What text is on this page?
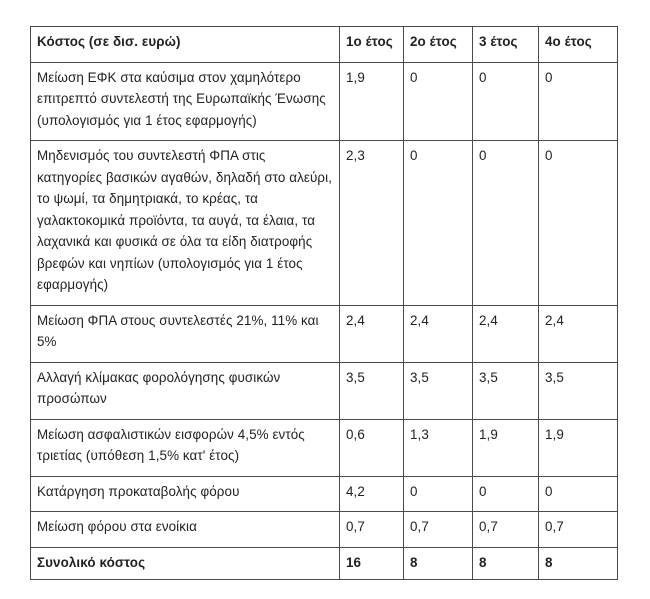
Κόστος (σε δισ. ευρώ)	1ο έτος	2ο έτος	3 έτος	4ο έτος
Μείωση ΕΦΚ στα καύσιμα στον χαμηλότερο επιτρεπτό συντελεστή της Ευρωπαϊκής Ένωσης (υπολογισμός για 1 έτος εφαρμογής)	1,9	0	0	0
Μηδενισμός του συντελεστή ΦΠΑ στις κατηγορίες βασικών αγαθών, δηλαδή στο αλεύρι, το ψωμί, τα δημητριακά, το κρέας, τα γαλακτοκομικά προϊόντα, τα αυγά, τα έλαια, τα λαχανικά και φυσικά σε όλα τα είδη διατροφής βρεφών και νηπίων (υπολογισμός για 1 έτος εφαρμογής)	2,3	0	0	0
Μείωση ΦΠΑ στους συντελεστές 21%, 11% και 5%	2,4	2,4	2,4	2,4
Αλλαγή κλίμακας φορολόγησης φυσικών προσώπων	3,5	3,5	3,5	3,5
Μείωση ασφαλιστικών εισφορών 4,5% εντός τριετίας (υπόθεση 1,5% κατ' έτος)	0,6	1,3	1,9	1,9
Κατάργηση προκαταβολής φόρου	4,2	0	0	0
Μείωση φόρου στα ενοίκια	0,7	0,7	0,7	0,7
Συνολικό κόστος	16	8	8	8
